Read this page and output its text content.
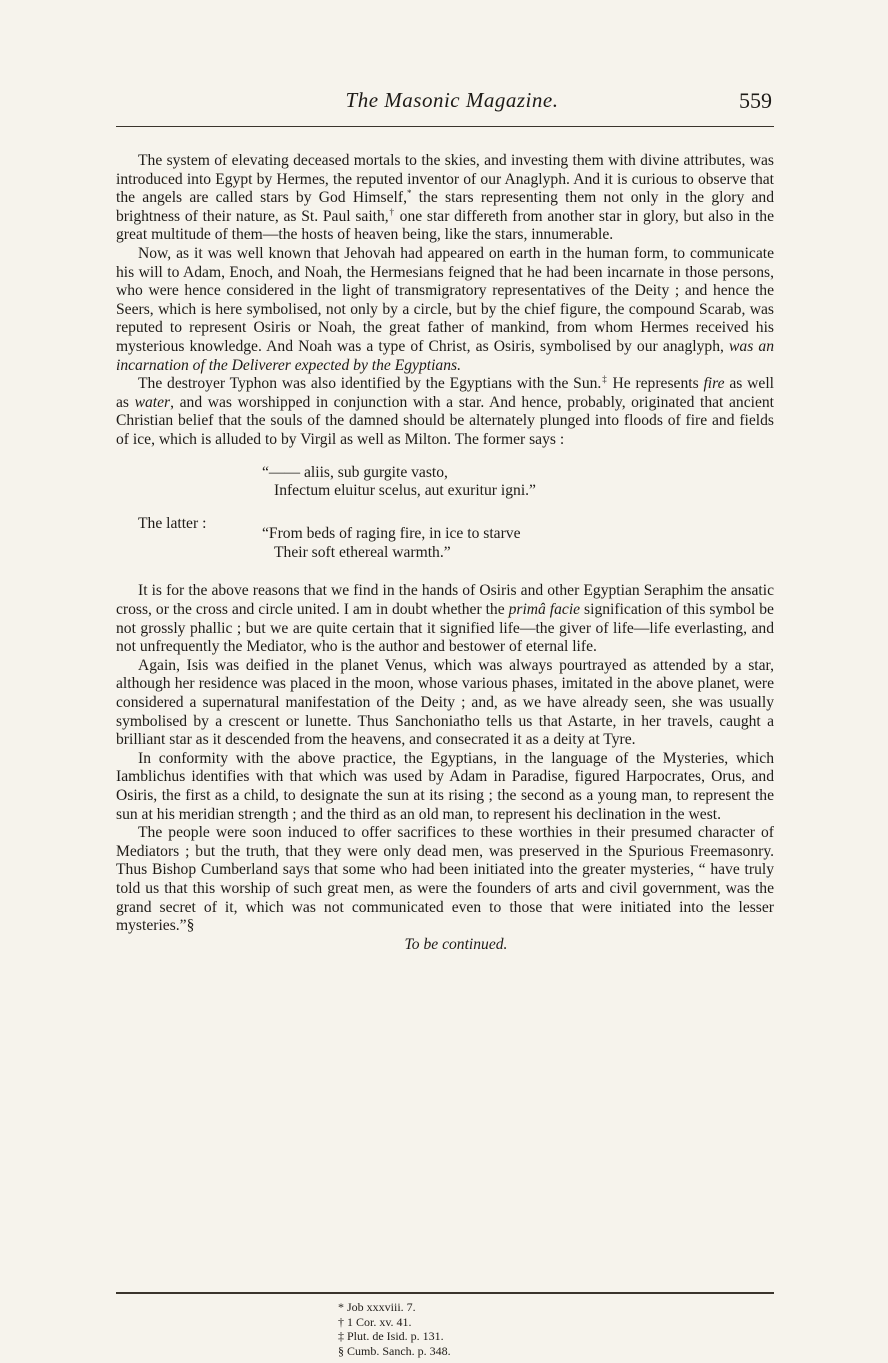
The Masonic Magazine.	559

The system of elevating deceased mortals to the skies, and investing them with divine attributes, was introduced into Egypt by Hermes, the reputed inventor of our Anaglyph. And it is curious to observe that the angels are called stars by God Himself,* the stars representing them not only in the glory and brightness of their nature, as St. Paul saith,† one star differeth from another star in glory, but also in the great multitude of them—the hosts of heaven being, like the stars, innumerable.

Now, as it was well known that Jehovah had appeared on earth in the human form, to communicate his will to Adam, Enoch, and Noah, the Hermesians feigned that he had been incarnate in those persons, who were hence considered in the light of transmigratory representatives of the Deity ; and hence the Seers, which is here symbolised, not only by a circle, but by the chief figure, the compound Scarab, was reputed to represent Osiris or Noah, the great father of mankind, from whom Hermes received his mysterious knowledge. And Noah was a type of Christ, as Osiris, symbolised by our anaglyph, was an incarnation of the Deliverer expected by the Egyptians.

The destroyer Typhon was also identified by the Egyptians with the Sun.‡ He represents fire as well as water, and was worshipped in conjunction with a star. And hence, probably, originated that ancient Christian belief that the souls of the damned should be alternately plunged into floods of fire and fields of ice, which is alluded to by Virgil as well as Milton. The former says :

“—— aliis, sub gurgite vasto,
Infectum eluitur scelus, aut exuritur igni.”

The latter :

“From beds of raging fire, in ice to starve
Their soft ethereal warmth.”

It is for the above reasons that we find in the hands of Osiris and other Egyptian Seraphim the ansatic cross, or the cross and circle united. I am in doubt whether the primâ facie signification of this symbol be not grossly phallic ; but we are quite certain that it signified life—the giver of life—life everlasting, and not unfrequently the Mediator, who is the author and bestower of eternal life.

Again, Isis was deified in the planet Venus, which was always pourtrayed as attended by a star, although her residence was placed in the moon, whose various phases, imitated in the above planet, were considered a supernatural manifestation of the Deity ; and, as we have already seen, she was usually symbolised by a crescent or lunette. Thus Sanchoniatho tells us that Astarte, in her travels, caught a brilliant star as it descended from the heavens, and consecrated it as a deity at Tyre.

In conformity with the above practice, the Egyptians, in the language of the Mysteries, which Iamblichus identifies with that which was used by Adam in Paradise, figured Harpocrates, Orus, and Osiris, the first as a child, to designate the sun at its rising ; the second as a young man, to represent the sun at his meridian strength ; and the third as an old man, to represent his declination in the west.

The people were soon induced to offer sacrifices to these worthies in their presumed character of Mediators ; but the truth, that they were only dead men, was preserved in the Spurious Freemasonry. Thus Bishop Cumberland says that some who had been initiated into the greater mysteries, “ have truly told us that this worship of such great men, as were the founders of arts and civil government, was the grand secret of it, which was not communicated even to those that were initiated into the lesser mysteries.”§

To be continued.

* Job xxxviii. 7.
† 1 Cor. xv. 41.
‡ Plut. de Isid. p. 131.
§ Cumb. Sanch. p. 348.
